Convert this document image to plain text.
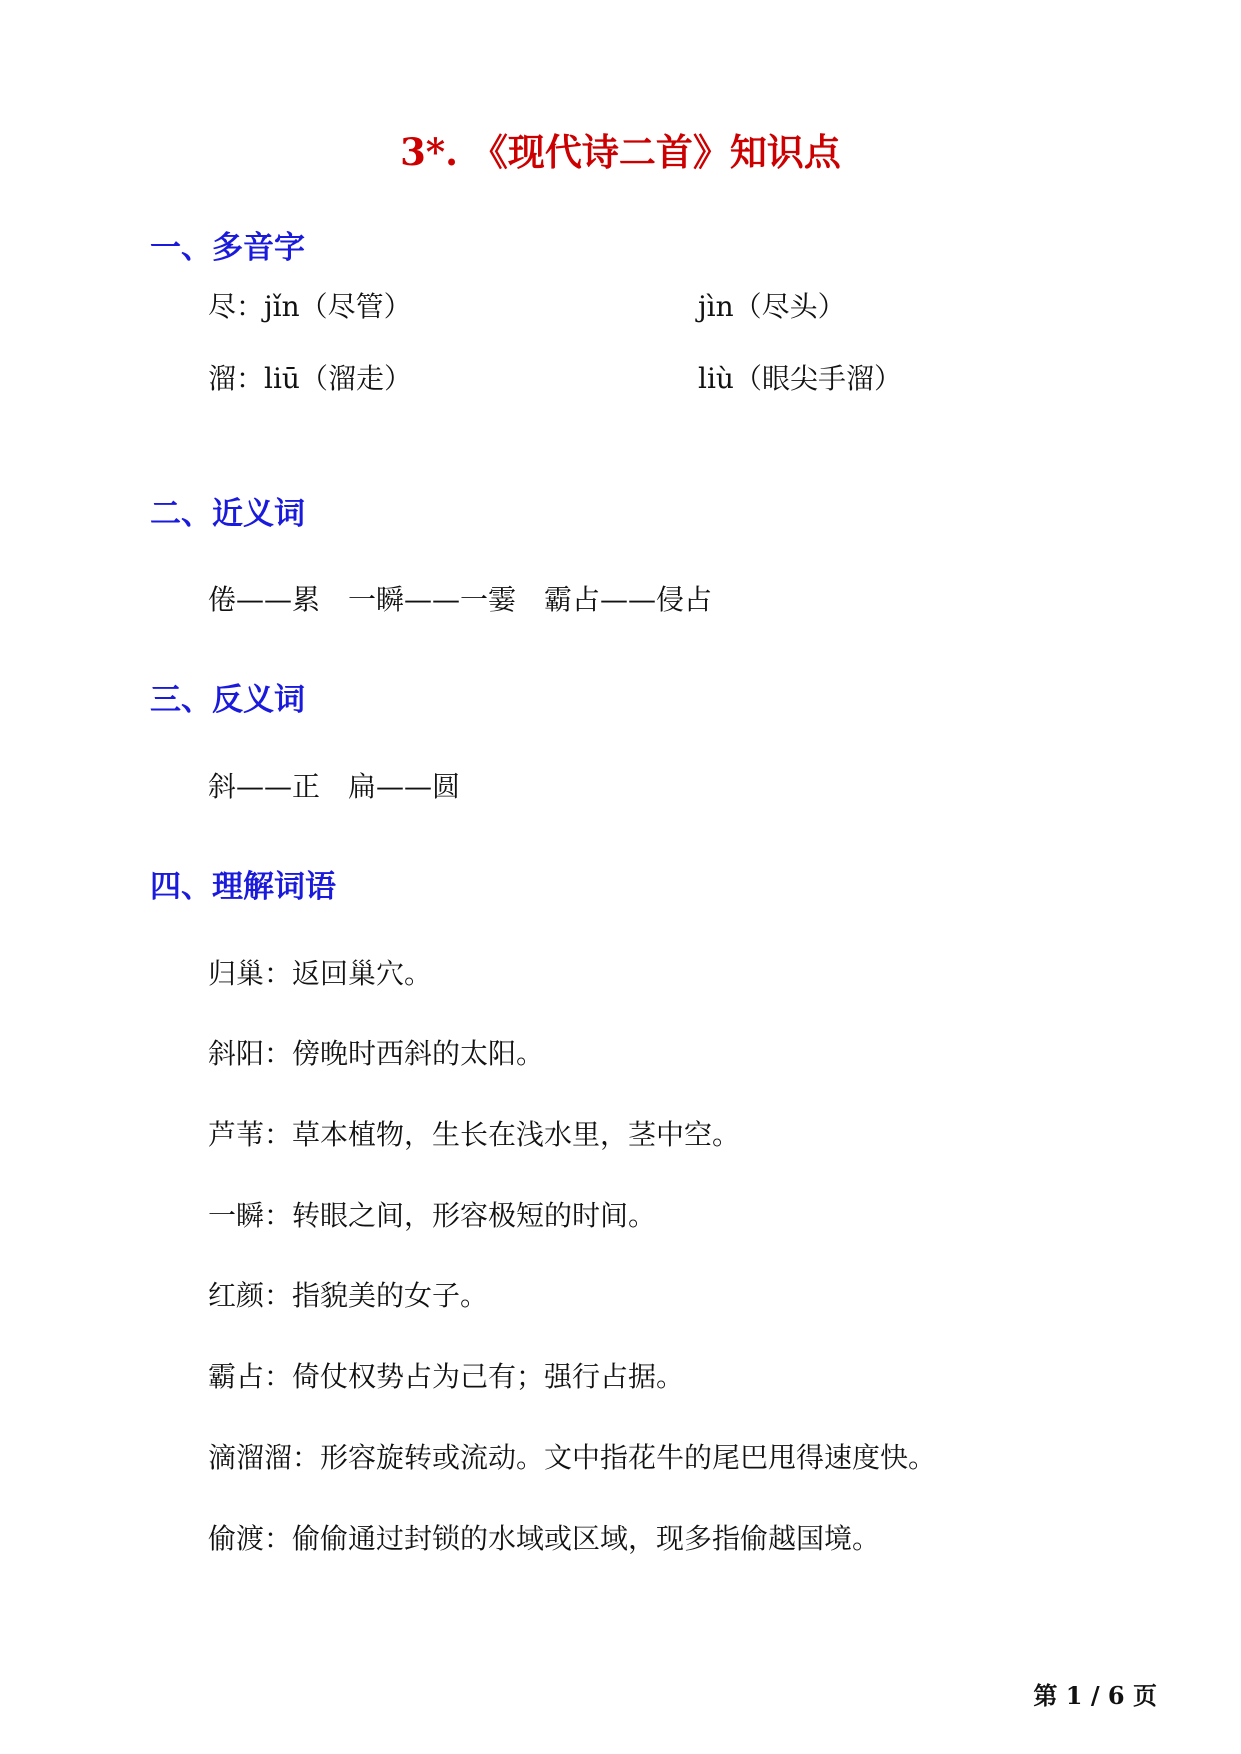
3*. 《现代诗二首》知识点
一、多音字
尽：jǐn（尽管）	jìn（尽头）
溜：liū（溜走）	liù（眼尖手溜）
二、近义词
倦——累　一瞬——一霎　霸占——侵占
三、反义词
斜——正　扁——圆
四、理解词语
归巢：返回巢穴。
斜阳：傍晚时西斜的太阳。
芦苇：草本植物，生长在浅水里，茎中空。
一瞬：转眼之间，形容极短的时间。
红颜：指貌美的女子。
霸占：倚仗权势占为己有；强行占据。
滴溜溜：形容旋转或流动。文中指花牛的尾巴甩得速度快。
偷渡：偷偷通过封锁的水域或区域，现多指偷越国境。
第 1 / 6 页
